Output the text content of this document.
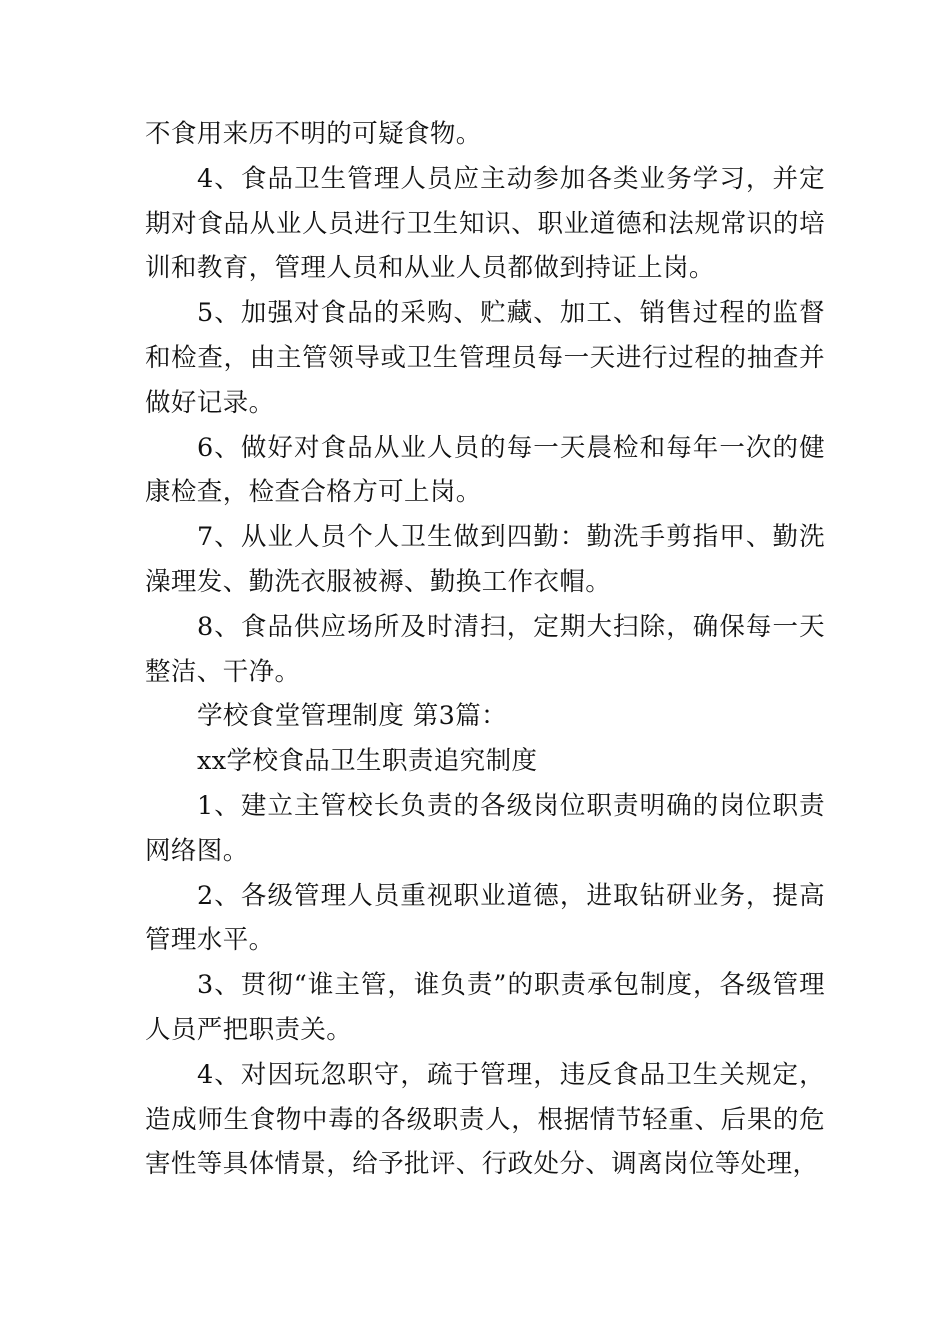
不食用来历不明的可疑食物。

4、食品卫生管理人员应主动参加各类业务学习，并定期对食品从业人员进行卫生知识、职业道德和法规常识的培训和教育，管理人员和从业人员都做到持证上岗。

5、加强对食品的采购、贮藏、加工、销售过程的监督和检查，由主管领导或卫生管理员每一天进行过程的抽查并做好记录。

6、做好对食品从业人员的每一天晨检和每年一次的健康检查，检查合格方可上岗。

7、从业人员个人卫生做到四勤：勤洗手剪指甲、勤洗澡理发、勤洗衣服被褥、勤换工作衣帽。

8、食品供应场所及时清扫，定期大扫除，确保每一天整洁、干净。

学校食堂管理制度 第3篇：

xx学校食品卫生职责追究制度

1、建立主管校长负责的各级岗位职责明确的岗位职责网络图。

2、各级管理人员重视职业道德，进取钻研业务，提高管理水平。

3、贯彻“谁主管，谁负责”的职责承包制度，各级管理人员严把职责关。

4、对因玩忽职守，疏于管理，违反食品卫生关规定，造成师生食物中毒的各级职责人，根据情节轻重、后果的危害性等具体情景，给予批评、行政处分、调离岗位等处理，
